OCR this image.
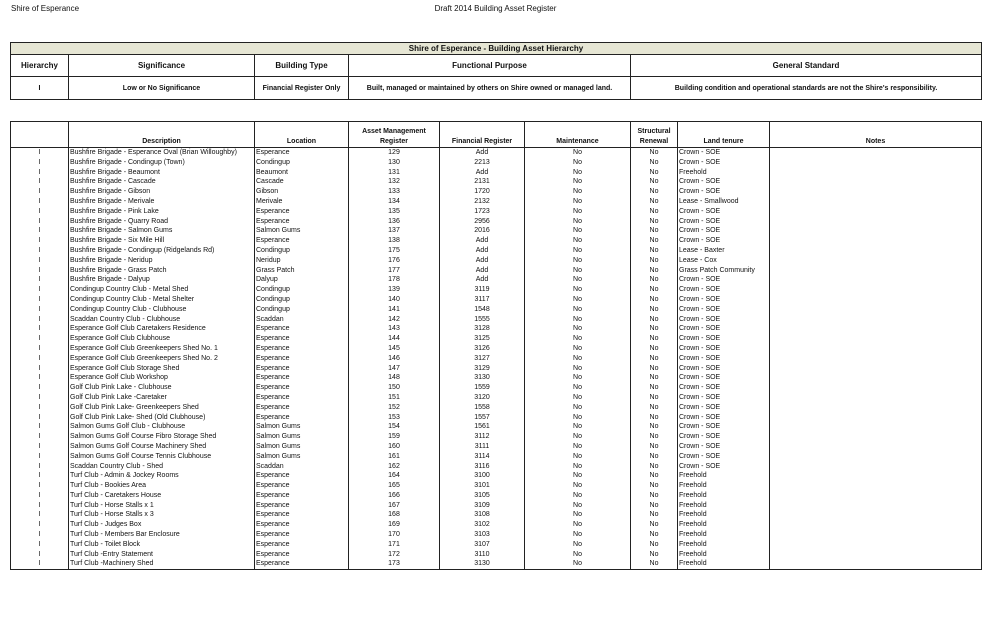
Shire of Esperance	Draft 2014 Building Asset Register
Shire of Esperance - Building Asset Hierarchy				
Hierarchy	Significance	Building Type	Functional Purpose	General Standard
I	Low or No Significance	Financial Register Only	Built, managed or maintained by others on Shire owned or managed land.	Building condition and operational standards are not the Shire's responsibility.
	Description	Location	Asset Management Register	Financial Register	Maintenance	Structural Renewal	Land tenure	Notes
I	Bushfire Brigade - Esperance Oval (Brian Willoughby)	Esperance	129	Add	No	No	Crown - SOE	
I	Bushfire Brigade - Condingup (Town)	Condingup	130	2213	No	No	Crown - SOE	
I	Bushfire Brigade - Beaumont	Beaumont	131	Add	No	No	Freehold	
I	Bushfire Brigade - Cascade	Cascade	132	2131	No	No	Crown - SOE	
I	Bushfire Brigade - Gibson	Gibson	133	1720	No	No	Crown - SOE	
I	Bushfire Brigade - Merivale	Merivale	134	2132	No	No	Lease - Smallwood	
I	Bushfire Brigade - Pink Lake	Esperance	135	1723	No	No	Crown - SOE	
I	Bushfire Brigade - Quarry Road	Esperance	136	2956	No	No	Crown - SOE	
I	Bushfire Brigade - Salmon Gums	Salmon Gums	137	2016	No	No	Crown - SOE	
I	Bushfire Brigade - Six Mile Hill	Esperance	138	Add	No	No	Crown - SOE	
I	Bushfire Brigade - Condingup (Ridgelands Rd)	Condingup	175	Add	No	No	Lease - Baxter	
I	Bushfire Brigade - Neridup	Neridup	176	Add	No	No	Lease - Cox	
I	Bushfire Brigade - Grass Patch	Grass Patch	177	Add	No	No	Grass Patch Community	
I	Bushfire Brigade - Dalyup	Dalyup	178	Add	No	No	Crown - SOE	
I	Condingup Country Club - Metal Shed	Condingup	139	3119	No	No	Crown - SOE	
I	Condingup Country Club - Metal Shelter	Condingup	140	3117	No	No	Crown - SOE	
I	Condingup Country Club - Clubhouse	Condingup	141	1548	No	No	Crown - SOE	
I	Scaddan Country Club - Clubhouse	Scaddan	142	1555	No	No	Crown - SOE	
I	Esperance Golf Club Caretakers Residence	Esperance	143	3128	No	No	Crown - SOE	
I	Esperance Golf Club Clubhouse	Esperance	144	3125	No	No	Crown - SOE	
I	Esperance Golf Club Greenkeepers Shed No. 1	Esperance	145	3126	No	No	Crown - SOE	
I	Esperance Golf Club Greenkeepers Shed No. 2	Esperance	146	3127	No	No	Crown - SOE	
I	Esperance Golf Club Storage Shed	Esperance	147	3129	No	No	Crown - SOE	
I	Esperance Golf Club Workshop	Esperance	148	3130	No	No	Crown - SOE	
I	Golf Club Pink Lake - Clubhouse	Esperance	150	1559	No	No	Crown - SOE	
I	Golf Club Pink Lake -Caretaker	Esperance	151	3120	No	No	Crown - SOE	
I	Golf Club Pink Lake- Greenkeepers Shed	Esperance	152	1558	No	No	Crown - SOE	
I	Golf Club Pink Lake- Shed (Old Clubhouse)	Esperance	153	1557	No	No	Crown - SOE	
I	Salmon Gums Golf Club - Clubhouse	Salmon Gums	154	1561	No	No	Crown - SOE	
I	Salmon Gums Golf Course Fibro Storage Shed	Salmon Gums	159	3112	No	No	Crown - SOE	
I	Salmon Gums Golf Course Machinery Shed	Salmon Gums	160	3111	No	No	Crown - SOE	
I	Salmon Gums Golf Course Tennis Clubhouse	Salmon Gums	161	3114	No	No	Crown - SOE	
I	Scaddan Country Club - Shed	Scaddan	162	3116	No	No	Crown - SOE	
I	Turf Club - Admin & Jockey Rooms	Esperance	164	3100	No	No	Freehold	
I	Turf Club - Bookies Area	Esperance	165	3101	No	No	Freehold	
I	Turf Club - Caretakers House	Esperance	166	3105	No	No	Freehold	
I	Turf Club - Horse Stalls x 1	Esperance	167	3109	No	No	Freehold	
I	Turf Club - Horse Stalls x 3	Esperance	168	3108	No	No	Freehold	
I	Turf Club - Judges Box	Esperance	169	3102	No	No	Freehold	
I	Turf Club - Members Bar Enclosure	Esperance	170	3103	No	No	Freehold	
I	Turf Club - Toilet Block	Esperance	171	3107	No	No	Freehold	
I	Turf Club -Entry Statement	Esperance	172	3110	No	No	Freehold	
I	Turf Club -Machinery Shed	Esperance	173	3130	No	No	Freehold	
